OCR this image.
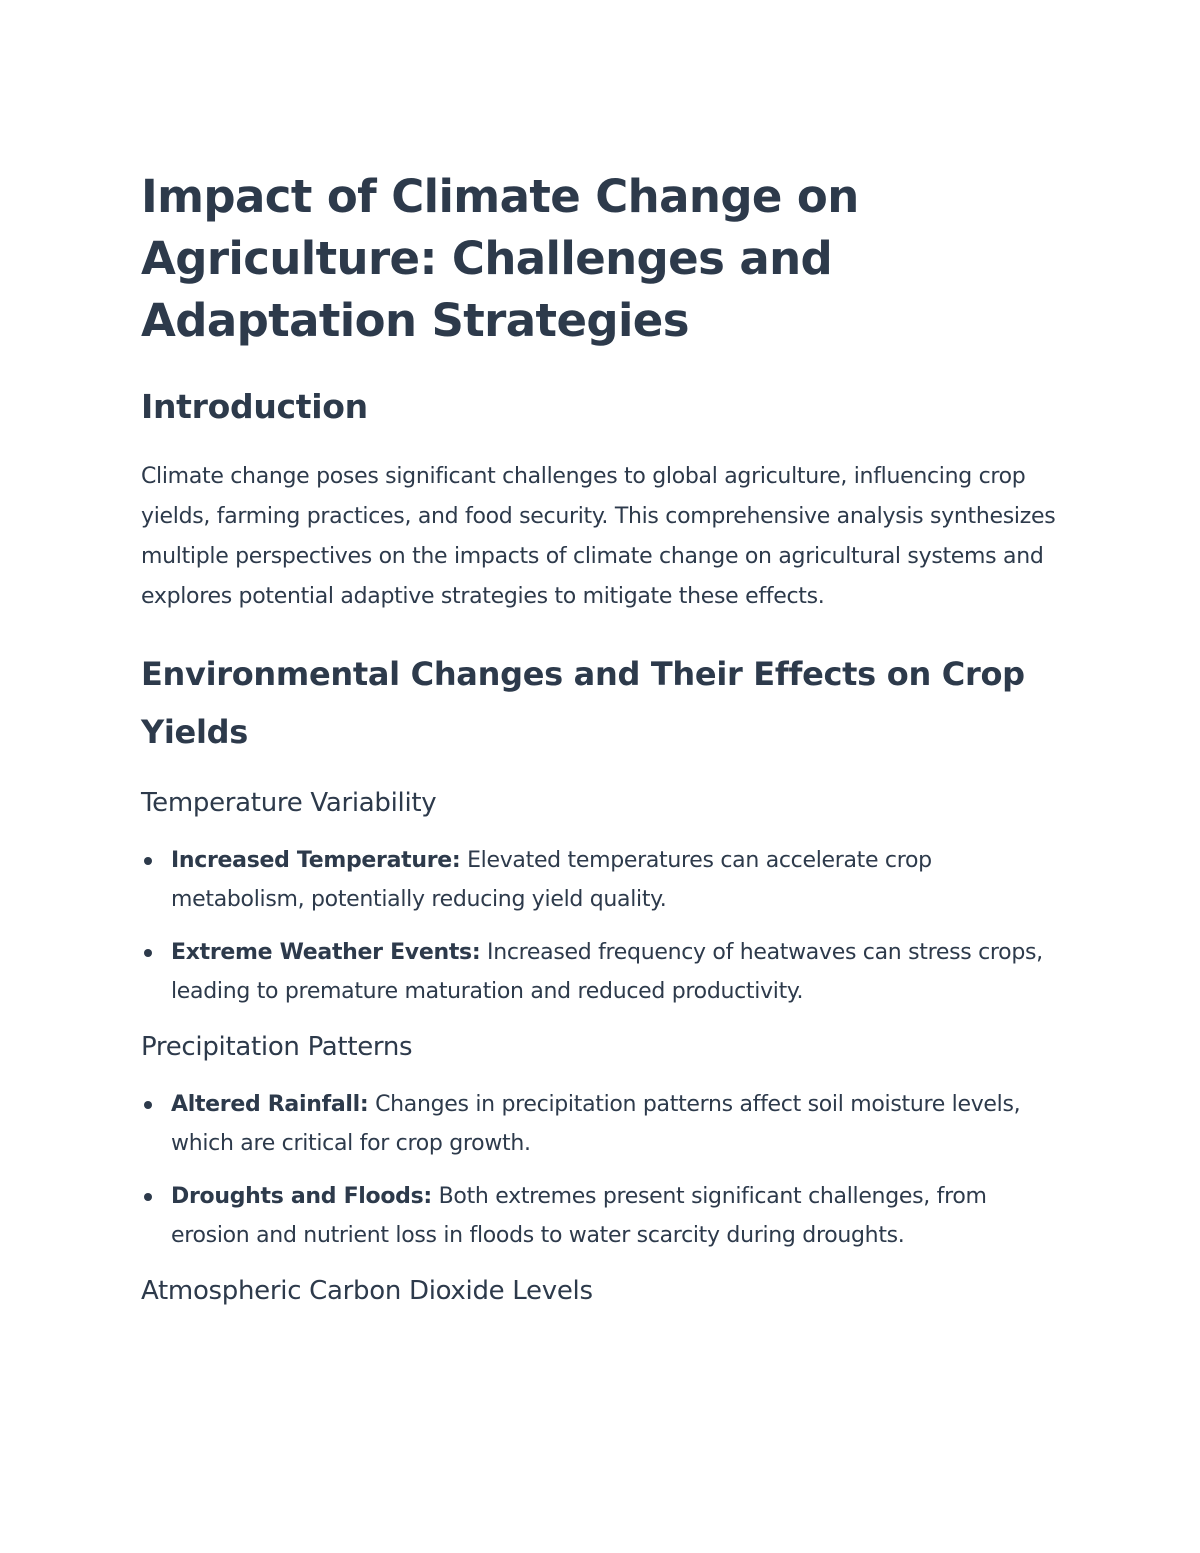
Impact of Climate Change on Agriculture: Challenges and Adaptation Strategies
Introduction

Climate change poses significant challenges to global agriculture, influencing crop yields, farming practices, and food security. This comprehensive analysis synthesizes multiple perspectives on the impacts of climate change on agricultural systems and explores potential adaptive strategies to mitigate these effects.

Environmental Changes and Their Effects on Crop Yields
Temperature Variability
Increased Temperature: Elevated temperatures can accelerate crop metabolism, potentially reducing yield quality.
Extreme Weather Events: Increased frequency of heatwaves can stress crops, leading to premature maturation and reduced productivity.
Precipitation Patterns
Altered Rainfall: Changes in precipitation patterns affect soil moisture levels, which are critical for crop growth.
Droughts and Floods: Both extremes present significant challenges, from erosion and nutrient loss in floods to water scarcity during droughts.
Atmospheric Carbon Dioxide Levels
